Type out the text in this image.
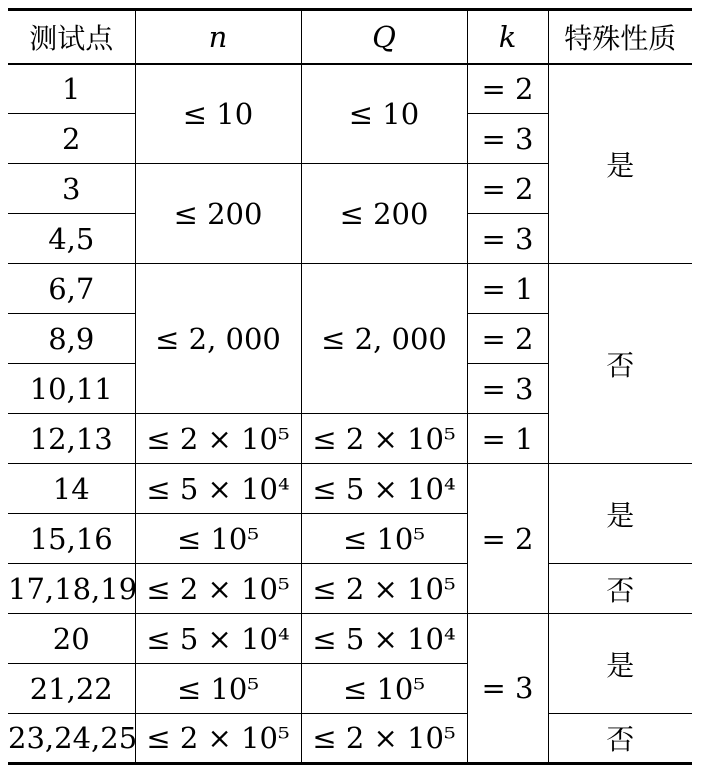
测试点	n	Q	k	特殊性质
1	≤ 10	≤ 10	= 2	是
2			= 3	
3	≤ 200	≤ 200	= 2	
4,5			= 3	
6,7	≤ 2, 000	≤ 2, 000	= 1	否
8,9			= 2	
10,11			= 3	
12,13	≤ 2 × 10⁵	≤ 2 × 10⁵	= 1	
14	≤ 5 × 10⁴	≤ 5 × 10⁴	= 2	是
15,16	≤ 10⁵	≤ 10⁵		
17,18,19	≤ 2 × 10⁵	≤ 2 × 10⁵		否
20	≤ 5 × 10⁴	≤ 5 × 10⁴	= 3	是
21,22	≤ 10⁵	≤ 10⁵		
23,24,25	≤ 2 × 10⁵	≤ 2 × 10⁵		否
